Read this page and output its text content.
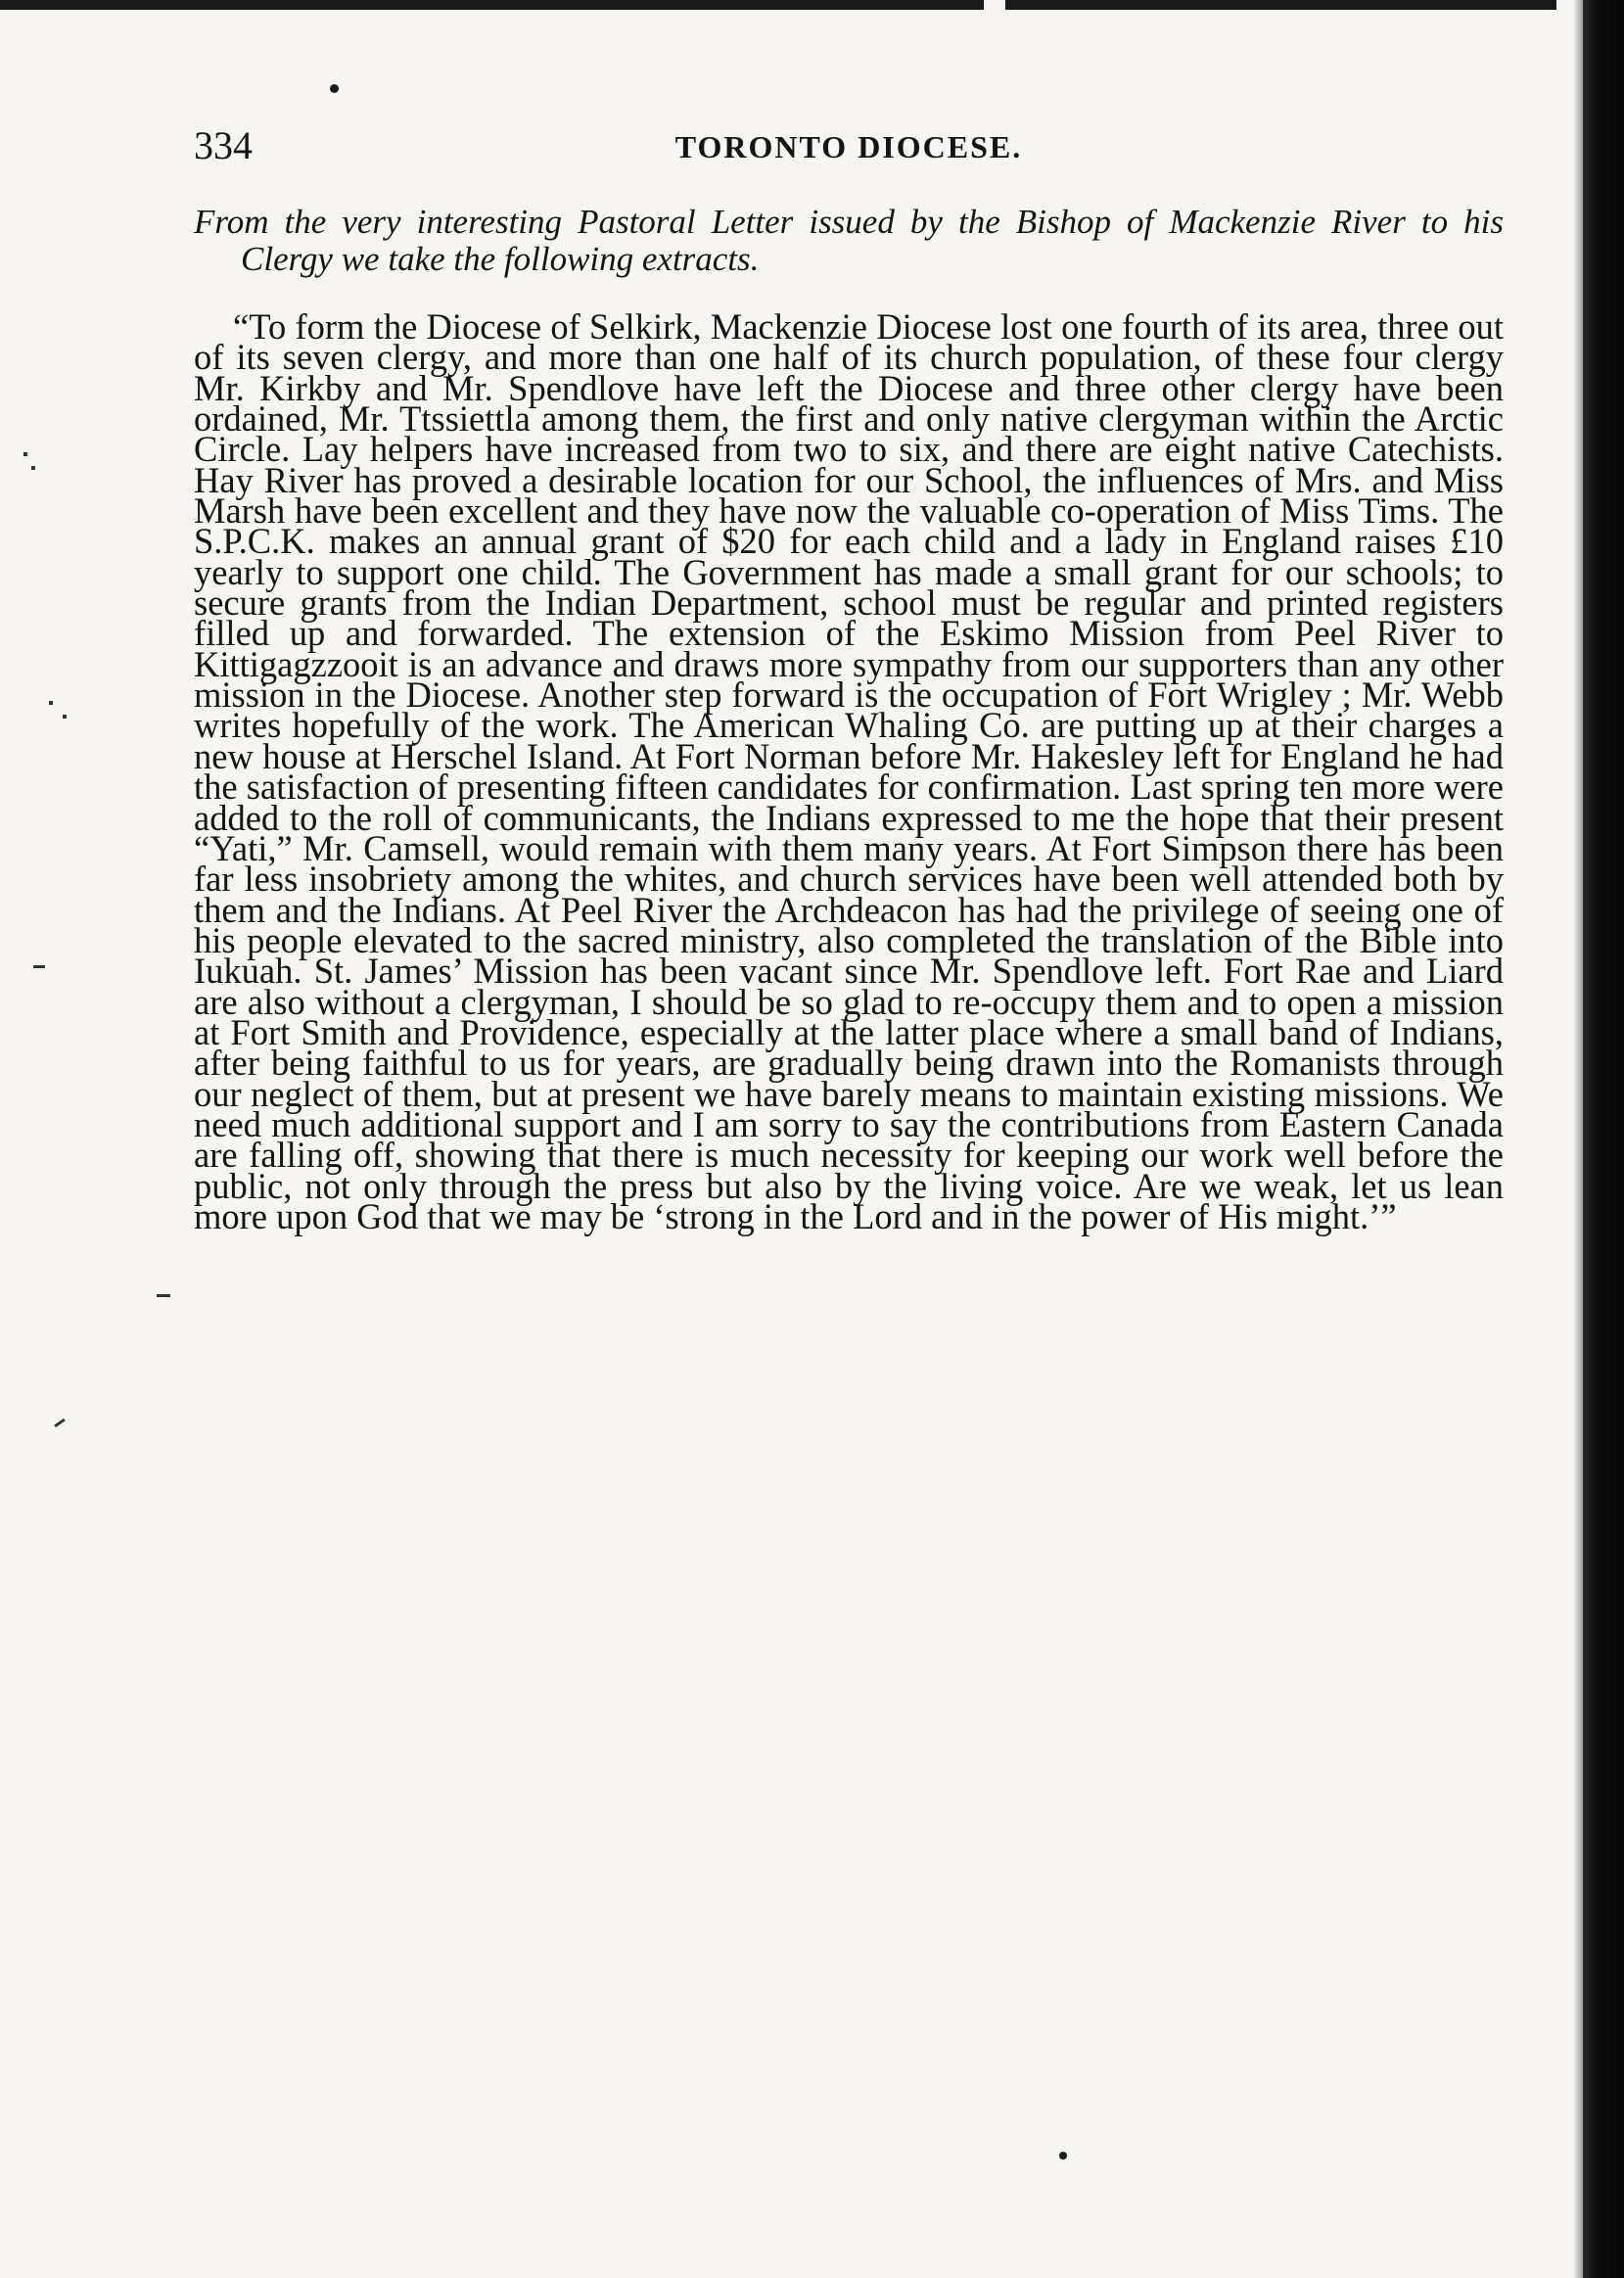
334	TORONTO DIOCESE.

From the very interesting Pastoral Letter issued by the Bishop of Mackenzie River to his Clergy we take the following extracts.

“To form the Diocese of Selkirk, Mackenzie Diocese lost one fourth of its area, three out of its seven clergy, and more than one half of its church population, of these four clergy Mr. Kirkby and Mr. Spendlove have left the Diocese and three other clergy have been ordained, Mr. Ttssiettla among them, the first and only native clergyman within the Arctic Circle. Lay helpers have increased from two to six, and there are eight native Catechists. Hay River has proved a desirable location for our School, the influences of Mrs. and Miss Marsh have been excellent and they have now the valuable co-operation of Miss Tims. The S.P.C.K. makes an annual grant of $20 for each child and a lady in England raises £10 yearly to support one child. The Government has made a small grant for our schools; to secure grants from the Indian Department, school must be regular and printed registers filled up and forwarded. The extension of the Eskimo Mission from Peel River to Kittigagzzooit is an advance and draws more sympathy from our supporters than any other mission in the Diocese. Another step forward is the occupation of Fort Wrigley ; Mr. Webb writes hopefully of the work. The American Whaling Co. are putting up at their charges a new house at Herschel Island. At Fort Norman before Mr. Hakesley left for England he had the satisfaction of presenting fifteen candidates for confirmation. Last spring ten more were added to the roll of communicants, the Indians expressed to me the hope that their present “Yati,” Mr. Camsell, would remain with them many years. At Fort Simpson there has been far less insobriety among the whites, and church services have been well attended both by them and the Indians. At Peel River the Archdeacon has had the privilege of seeing one of his people elevated to the sacred ministry, also completed the translation of the Bible into Iukuah. St. James’ Mission has been vacant since Mr. Spendlove left. Fort Rae and Liard are also without a clergyman, I should be so glad to re-occupy them and to open a mission at Fort Smith and Providence, especially at the latter place where a small band of Indians, after being faithful to us for years, are gradually being drawn into the Romanists through our neglect of them, but at present we have barely means to maintain existing missions. We need much additional support and I am sorry to say the contributions from Eastern Canada are falling off, showing that there is much necessity for keeping our work well before the public, not only through the press but also by the living voice. Are we weak, let us lean more upon God that we may be ‘strong in the Lord and in the power of His might.’”
